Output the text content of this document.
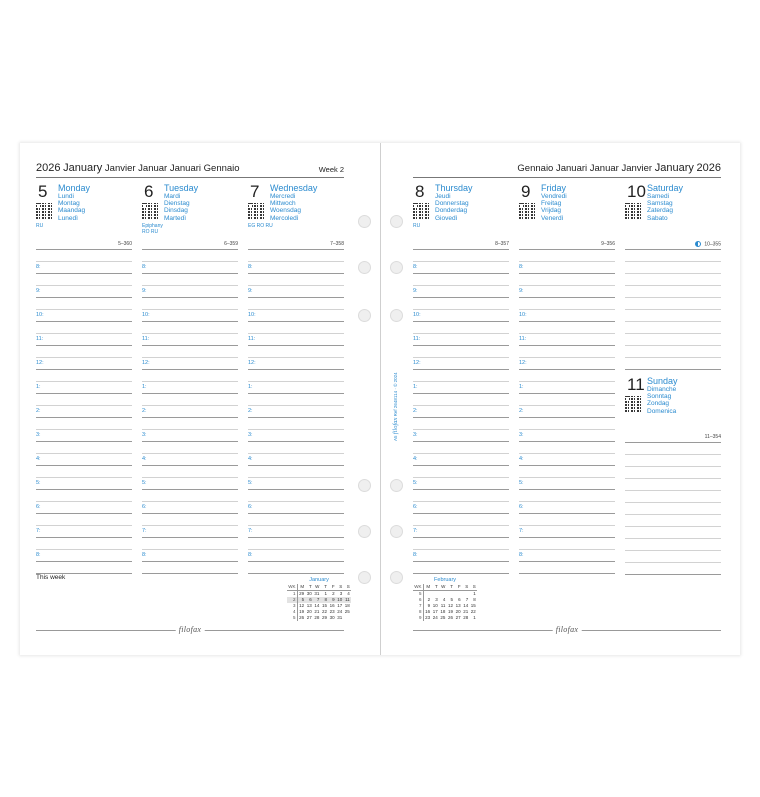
2026 January Janvier Januar Januari Gennaio	Week 2
5 Monday
Lundi
Montag
Maandag
Lunedì
RU
5–360
8:
9:
10:
11:
12:
1:
2:
3:
4:
5:
6:
7:
8:
6 Tuesday
Mardi
Dienstag
Dinsdag
Martedì
Epiphany
RO RU
6–359
8:
9:
10:
11:
12:
1:
2:
3:
4:
5:
6:
7:
8:
7 Wednesday
Mercredi
Mittwoch
Woensdag
Mercoledì
EG RO RU
7–358
8:
9:
10:
11:
12:
1:
2:
3:
4:
5:
6:
7:
8:
This week	January
WK	M	T	W	T	F	S	S
1	29	30	31	1	2	3	4
2	5	6	7	8	9	10	11
3	12	13	14	15	16	17	18
4	19	20	21	22	23	24	25
5	26	27	28	29	30	31	
filofax
Gennaio Januari Januar Janvier January 2026
8 Thursday
Jeudi
Donnerstag
Donderdag
Giovedì
RU
8–357
8:
9:
10:
11:
12:
1:
2:
3:
4:
5:
6:
7:
8:
9 Friday
Vendredi
Freitag
Vrijdag
Venerdì
9–356
8:
9:
10:
11:
12:
1:
2:
3:
4:
5:
6:
7:
8:
10 Saturday
Samedi
Samstag
Zaterdag
Sabato
10–355
11 Sunday
Dimanche
Sonntag
Zondag
Domenica
11–354
February
WK	M	T	W	T	F	S	S
5							1
6	2	3	4	5	6	7	8
7	9	10	11	12	13	14	15
8	16	17	18	19	20	21	22
9	23	24	25	26	27	28	1
filofax
A5 filofax Ref 2648114 · © 2024
